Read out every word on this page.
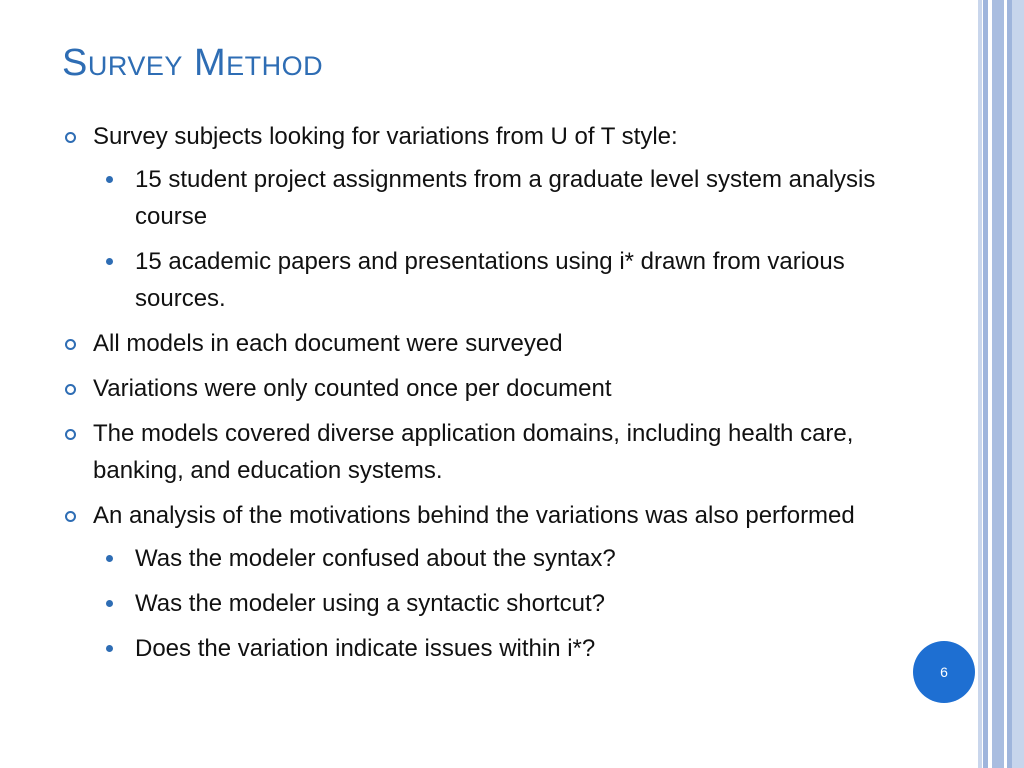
Survey Method
Survey subjects looking for variations from U of T style:
15 student project assignments from a graduate level system analysis course
15 academic papers and presentations using i* drawn from various sources.
All models in each document were surveyed
Variations were only counted once per document
The models covered diverse application domains, including health care, banking, and education systems.
An analysis of the motivations behind the variations was also performed
Was the modeler confused about the syntax?
Was the modeler using a syntactic shortcut?
Does the variation indicate issues within i*?
6
